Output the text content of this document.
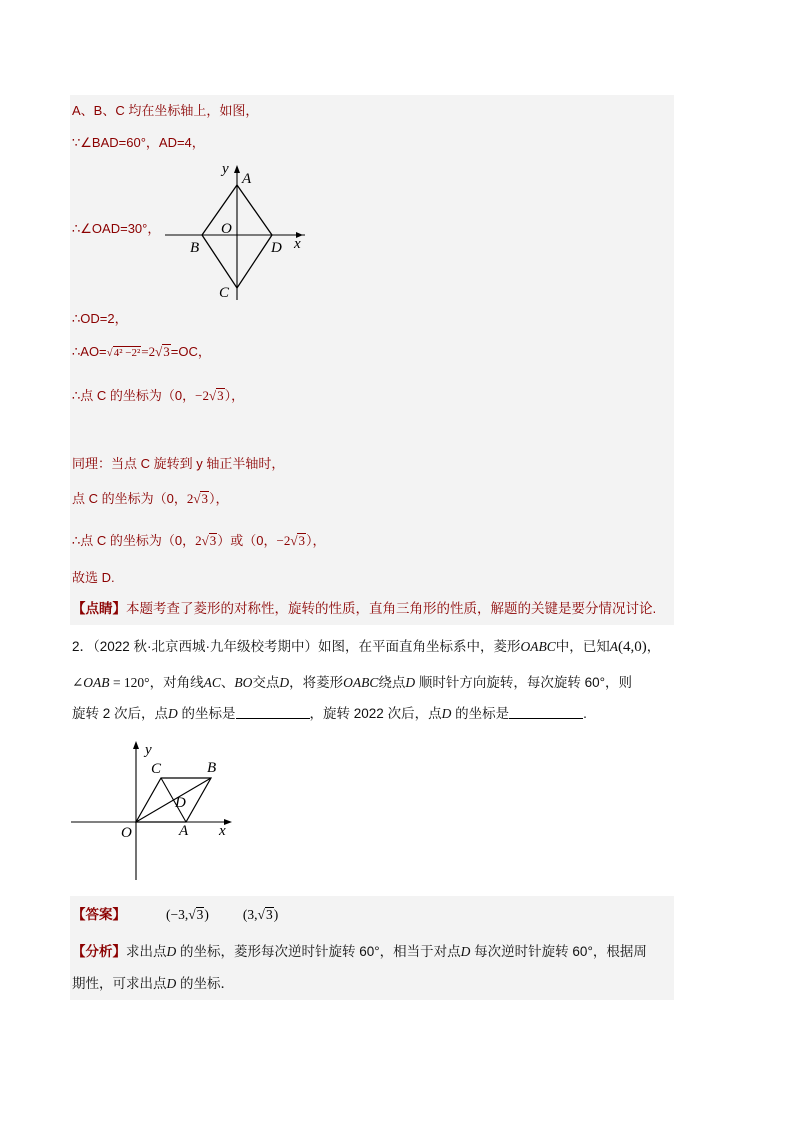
A、B、C 均在坐标轴上，如图，
∵∠BAD=60°，AD=4，
y
A
O
B	D x
C
∴∠OAD=30°，
∴OD=2，
∴AO=√4² −2²=2√3=OC，
∴点 C 的坐标为（0，−2√3），
同理：当点 C 旋转到 y 轴正半轴时，
点 C 的坐标为（0，2√3），
∴点 C 的坐标为（0，2√3）或（0，−2√3），
故选 D.
【点睛】本题考查了菱形的对称性，旋转的性质，直角三角形的性质，解题的关键是要分情况讨论.
2．（2022 秋·北京西城·九年级校考期中）如图，在平面直角坐标系中，菱形OABC中，已知A(4,0)，
∠OAB = 120°，对角线AC、BO交点D，将菱形OABC绕点D 顺时针方向旋转，每次旋转 60°，则
旋转 2 次后，点D 的坐标是	，旋转 2022 次后，点D 的坐标是	.
y
C	B
D
O	A x
【答案】	(−3,√3)	(3,√3)
【分析】求出点D 的坐标，菱形每次逆时针旋转 60°，相当于对点D 每次逆时针旋转 60°，根据周
期性，可求出点D 的坐标．
